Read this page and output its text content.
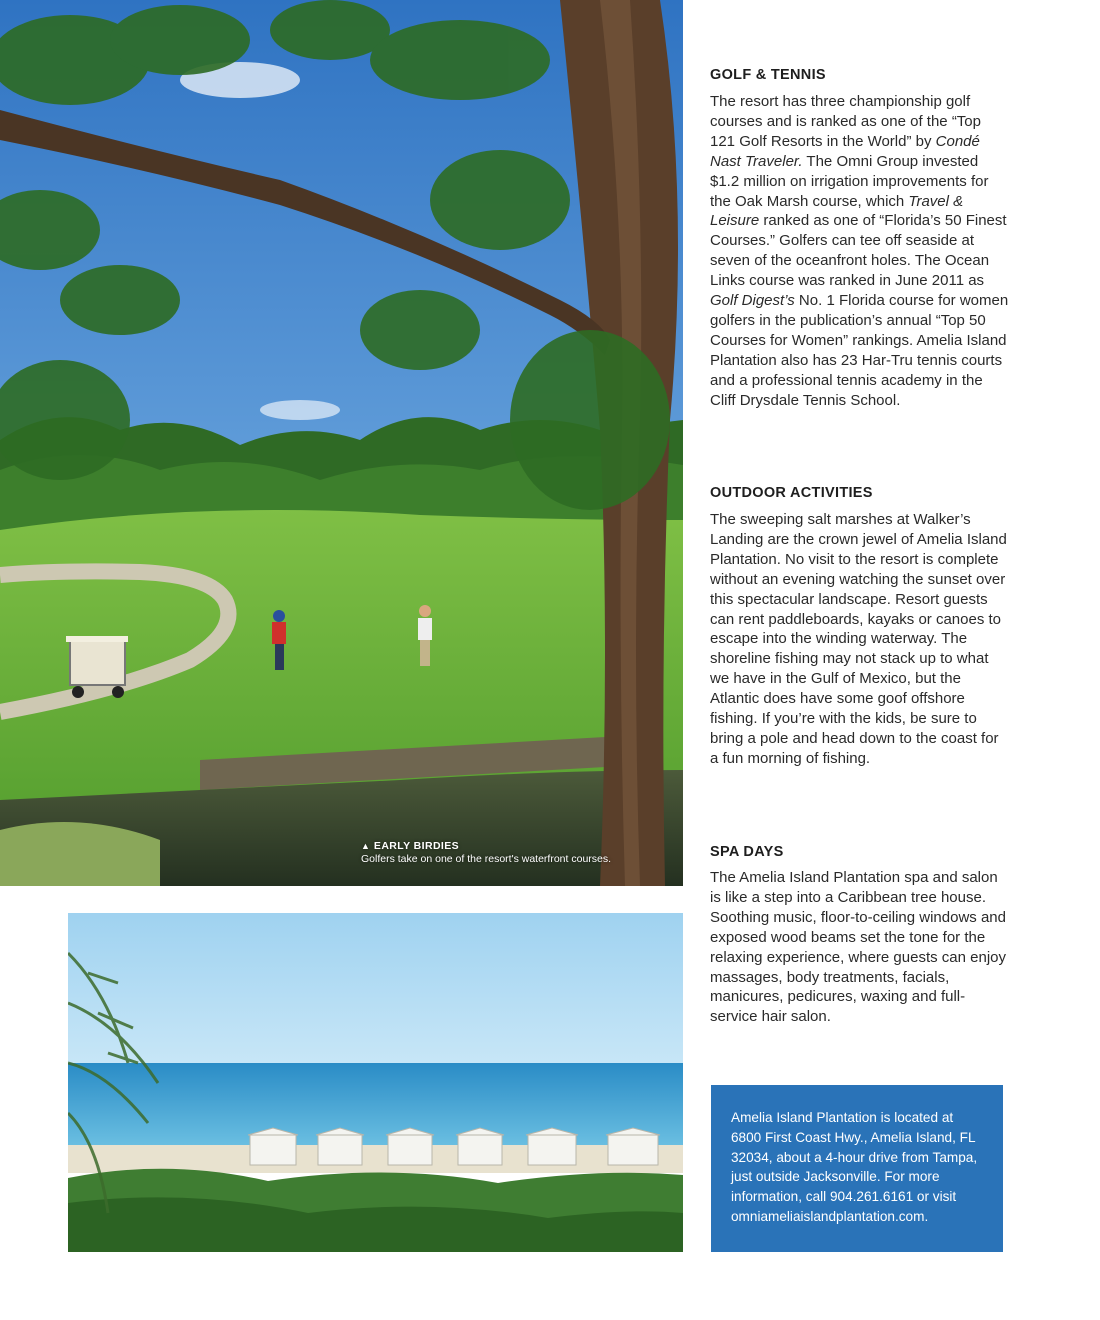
▲ EARLY BIRDIES
Golfers take on one of the resort's waterfront courses.
GOLF & TENNIS

The resort has three championship golf courses and is ranked as one of the “Top 121 Golf Resorts in the World” by Condé Nast Traveler. The Omni Group invested $1.2 million on irrigation improvements for the Oak Marsh course, which Travel & Leisure ranked as one of “Florida’s 50 Finest Courses.” Golfers can tee off seaside at seven of the oceanfront holes. The Ocean Links course was ranked in June 2011 as Golf Digest’s No. 1 Florida course for women golfers in the publication’s annual “Top 50 Courses for Women” rankings. Amelia Island Plantation also has 23 Har-Tru tennis courts and a professional tennis academy in the Cliff Drysdale Tennis School.

OUTDOOR ACTIVITIES

The sweeping salt marshes at Walker’s Landing are the crown jewel of Amelia Island Plantation. No visit to the resort is complete without an evening watching the sunset over this spectacular landscape. Resort guests can rent paddleboards, kayaks or canoes to escape into the winding waterway. The shoreline fishing may not stack up to what we have in the Gulf of Mexico, but the Atlantic does have some goof offshore fishing. If you’re with the kids, be sure to bring a pole and head down to the coast for a fun morning of fishing.

SPA DAYS

The Amelia Island Plantation spa and salon is like a step into a Caribbean tree house. Soothing music, floor-to-ceiling windows and exposed wood beams set the tone for the relaxing experience, where guests can enjoy massages, body treatments, facials, manicures, pedicures, waxing and full-service hair salon.

Amelia Island Plantation is located at 6800 First Coast Hwy., Amelia Island, FL 32034, about a 4-hour drive from Tampa, just outside Jacksonville. For more information, call 904.261.6161 or visit omniameliaislandplantation.com.
